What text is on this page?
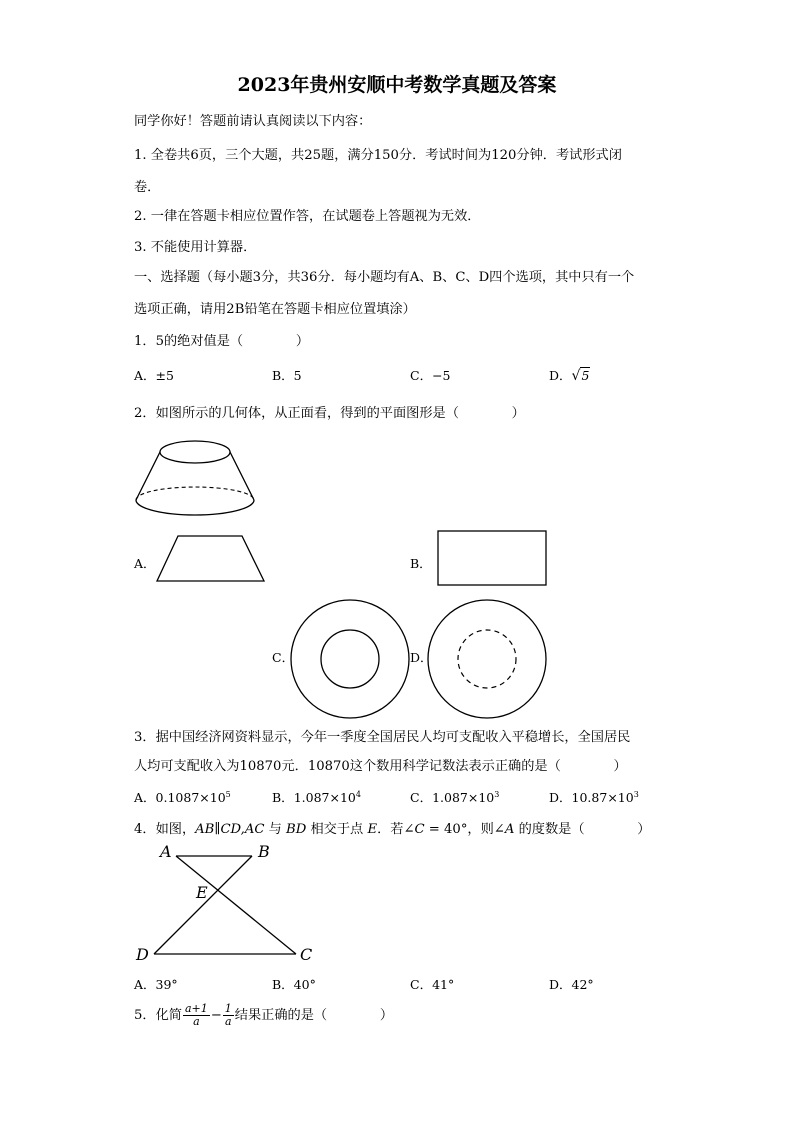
2023年贵州安顺中考数学真题及答案
同学你好！答题前请认真阅读以下内容：
1. 全卷共6页，三个大题，共25题，满分150分．考试时间为120分钟．考试形式闭
卷．
2. 一律在答题卡相应位置作答，在试题卷上答题视为无效．
3. 不能使用计算器．
一、选择题（每小题3分，共36分．每小题均有A、B、C、D四个选项，其中只有一个
选项正确，请用2B铅笔在答题卡相应位置填涂）
1．5的绝对值是（　　　　）
A．±5	B．5	C．−5	D．√5
2．如图所示的几何体，从正面看，得到的平面图形是（　　　　）
A．	B．
C．	D．
3．据中国经济网资料显示，今年一季度全国居民人均可支配收入平稳增长，全国居民
人均可支配收入为10870元．10870这个数用科学记数法表示正确的是（　　　　）
A．$0.1087\times 10^5$	B．$1.087\times 10^4$	C．$1.087\times 10^3$	D．$10.87\times 10^3$
4．如图，AB∥CD,AC 与 BD 相交于点 E．若∠C = 40°，则∠A 的度数是（　　　　）
A	B
E
D	C
A．39°	B．40°	C．41°	D．42°
5．化简 $\frac{a+1}{a} - \frac{1}{a}$ 结果正确的是（　　　　）
